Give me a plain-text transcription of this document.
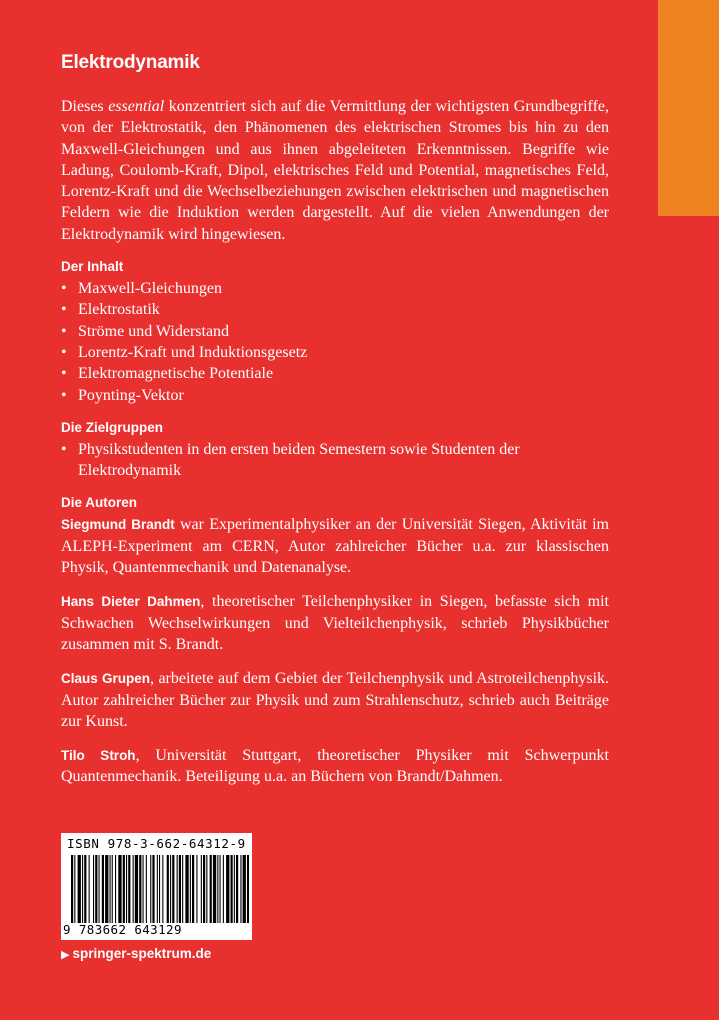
Elektrodynamik

Dieses essential konzentriert sich auf die Vermittlung der wichtigsten Grundbegriffe, von der Elektrostatik, den Phänomenen des elektrischen Stromes bis hin zu den Maxwell-Gleichungen und aus ihnen abgeleiteten Erkenntnissen. Begriffe wie Ladung, Coulomb-Kraft, Dipol, elektrisches Feld und Potential, magnetisches Feld, Lorentz-Kraft und die Wechselbeziehungen zwischen elektrischen und magnetischen Feldern wie die Induktion werden dargestellt. Auf die vielen Anwendungen der Elektrodynamik wird hingewiesen.

Der Inhalt
• Maxwell-Gleichungen
• Elektrostatik
• Ströme und Widerstand
• Lorentz-Kraft und Induktionsgesetz
• Elektromagnetische Potentiale
• Poynting-Vektor
Die Zielgruppen
• Physikstudenten in den ersten beiden Semestern sowie Studenten der Elektrodynamik
Die Autoren

Siegmund Brandt war Experimentalphysiker an der Universität Siegen, Aktivität im ALEPH-Experiment am CERN, Autor zahlreicher Bücher u.a. zur klassischen Physik, Quantenmechanik und Datenanalyse.

Hans Dieter Dahmen, theoretischer Teilchenphysiker in Siegen, befasste sich mit Schwachen Wechselwirkungen und Vielteilchenphysik, schrieb Physikbücher zusammen mit S. Brandt.

Claus Grupen, arbeitete auf dem Gebiet der Teilchenphysik und Astroteilchenphysik. Autor zahlreicher Bücher zur Physik und zum Strahlenschutz, schrieb auch Beiträge zur Kunst.

Tilo Stroh, Universität Stuttgart, theoretischer Physiker mit Schwerpunkt Quantenmechanik. Beteiligung u.a. an Büchern von Brandt/Dahmen.

ISBN 978-3-662-64312-9
9 783662 643129
▶ springer-spektrum.de
